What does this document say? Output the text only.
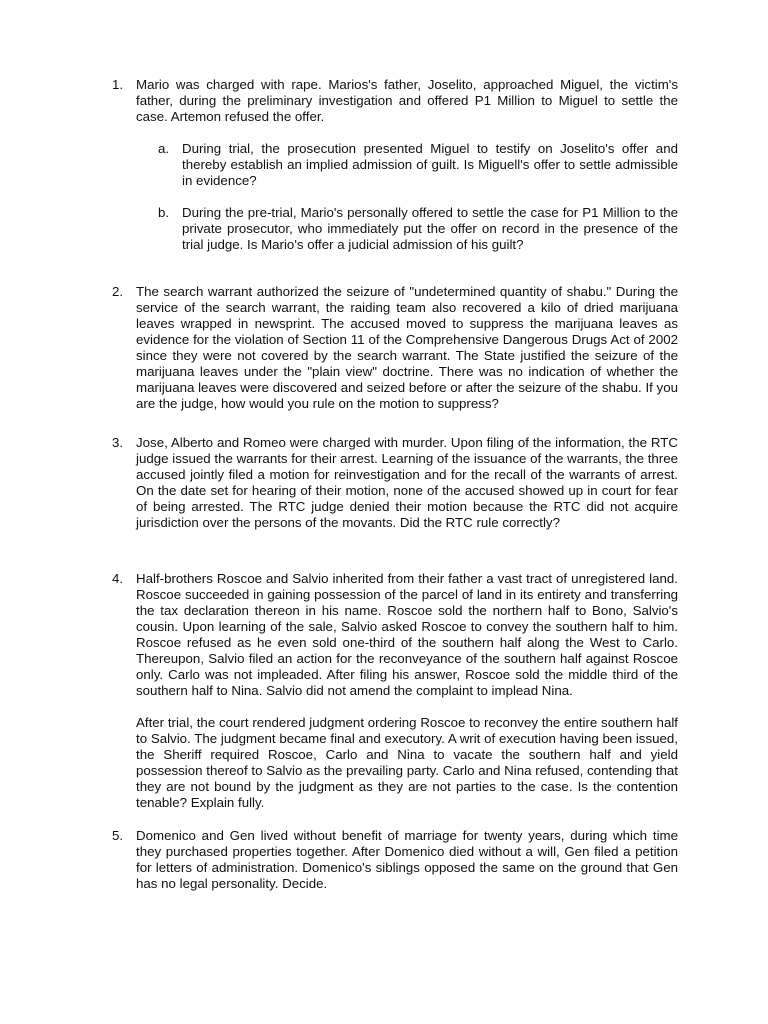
1. Mario was charged with rape. Marios's father, Joselito, approached Miguel, the victim's father, during the preliminary investigation and offered P1 Million to Miguel to settle the case. Artemon refused the offer.

a. During trial, the prosecution presented Miguel to testify on Joselito's offer and thereby establish an implied admission of guilt. Is Miguell's offer to settle admissible in evidence?

b. During the pre-trial, Mario's personally offered to settle the case for P1 Million to the private prosecutor, who immediately put the offer on record in the presence of the trial judge. Is Mario's offer a judicial admission of his guilt?

2. The search warrant authorized the seizure of "undetermined quantity of shabu." During the service of the search warrant, the raiding team also recovered a kilo of dried marijuana leaves wrapped in newsprint. The accused moved to suppress the marijuana leaves as evidence for the violation of Section 11 of the Comprehensive Dangerous Drugs Act of 2002 since they were not covered by the search warrant. The State justified the seizure of the marijuana leaves under the "plain view" doctrine. There was no indication of whether the marijuana leaves were discovered and seized before or after the seizure of the shabu. If you are the judge, how would you rule on the motion to suppress?

3. Jose, Alberto and Romeo were charged with murder. Upon filing of the information, the RTC judge issued the warrants for their arrest. Learning of the issuance of the warrants, the three accused jointly filed a motion for reinvestigation and for the recall of the warrants of arrest. On the date set for hearing of their motion, none of the accused showed up in court for fear of being arrested. The RTC judge denied their motion because the RTC did not acquire jurisdiction over the persons of the movants. Did the RTC rule correctly?

4. Half-brothers Roscoe and Salvio inherited from their father a vast tract of unregistered land. Roscoe succeeded in gaining possession of the parcel of land in its entirety and transferring the tax declaration thereon in his name. Roscoe sold the northern half to Bono, Salvio's cousin. Upon learning of the sale, Salvio asked Roscoe to convey the southern half to him. Roscoe refused as he even sold one-third of the southern half along the West to Carlo. Thereupon, Salvio filed an action for the reconveyance of the southern half against Roscoe only. Carlo was not impleaded. After filing his answer, Roscoe sold the middle third of the southern half to Nina. Salvio did not amend the complaint to implead Nina.

After trial, the court rendered judgment ordering Roscoe to reconvey the entire southern half to Salvio. The judgment became final and executory. A writ of execution having been issued, the Sheriff required Roscoe, Carlo and Nina to vacate the southern half and yield possession thereof to Salvio as the prevailing party. Carlo and Nina refused, contending that they are not bound by the judgment as they are not parties to the case. Is the contention tenable? Explain fully.

5. Domenico and Gen lived without benefit of marriage for twenty years, during which time they purchased properties together. After Domenico died without a will, Gen filed a petition for letters of administration. Domenico's siblings opposed the same on the ground that Gen has no legal personality. Decide.
